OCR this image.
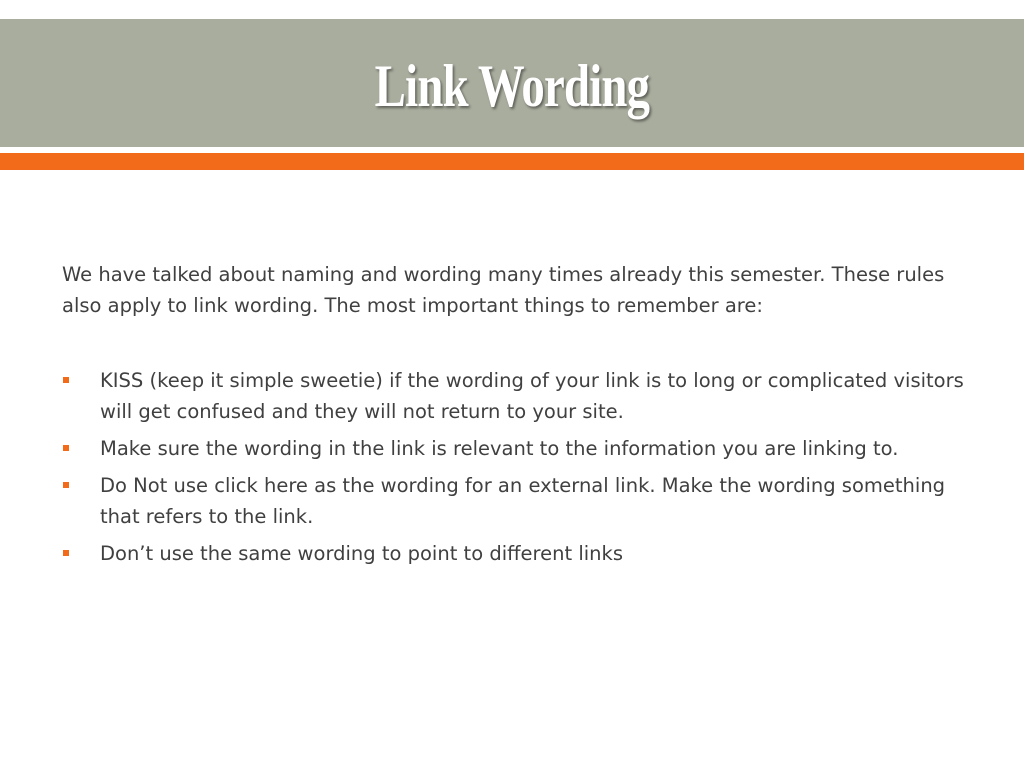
Link Wording

We have talked about naming and wording many times already this semester. These rules also apply to link wording. The most important things to remember are:

KISS (keep it simple sweetie) if the wording of your link is to long or complicated visitors will get confused and they will not return to your site.
Make sure the wording in the link is relevant to the information you are linking to.
Do Not use click here as the wording for an external link. Make the wording something that refers to the link.
Don’t use the same wording to point to different links
